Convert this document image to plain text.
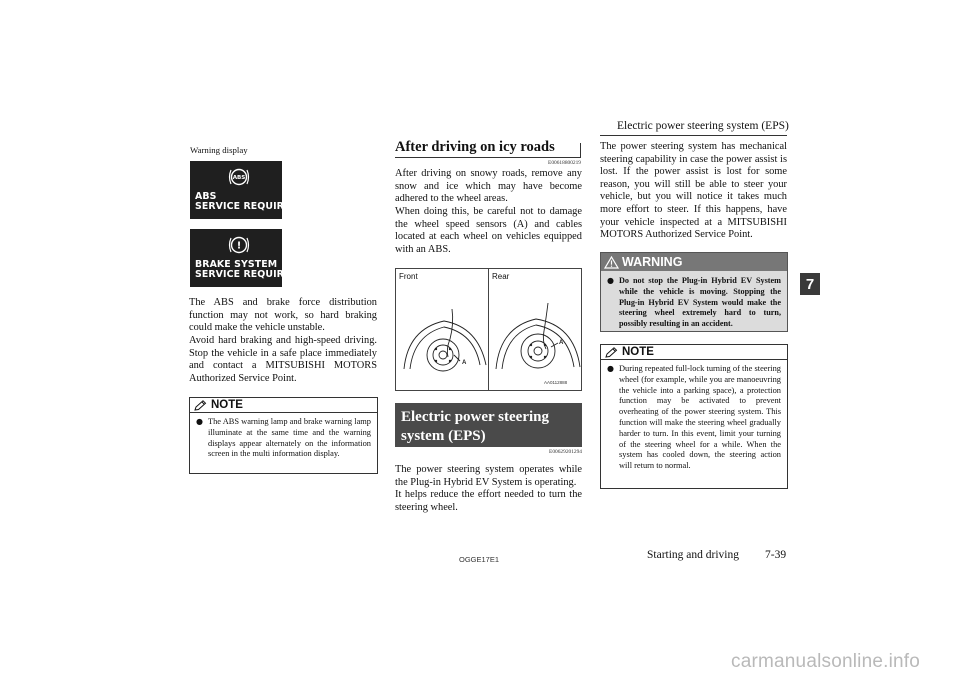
Electric power steering system (EPS)
7
Warning display
ABS
ABS
SERVICE REQUIRED
!
BRAKE SYSTEM
SERVICE REQUIRED
The ABS and brake force distribution function may not work, so hard braking could make the vehicle unstable.
Avoid hard braking and high-speed driving. Stop the vehicle in a safe place immediately and contact a MITSUBISHI MOTORS Authorized Service Point.
NOTE
● The ABS warning lamp and brake warning lamp illuminate at the same time and the warning displays appear alternately on the information screen in the multi information display.
After driving on icy roads
E00618800219
After driving on snowy roads, remove any snow and ice which may have become adhered to the wheel areas.
When doing this, be careful not to damage the wheel speed sensors (A) and cables located at each wheel on vehicles equipped with an ABS.
Front	Rear
A
A
AA0112888
Electric power steering system (EPS)
E00629201294
The power steering system operates while the Plug-in Hybrid EV System is operating.
It helps reduce the effort needed to turn the steering wheel.
The power steering system has mechanical steering capability in case the power assist is lost. If the power assist is lost for some reason, you will still be able to steer your vehicle, but you will notice it takes much more effort to steer. If this happens, have your vehicle inspected at a MITSUBISHI MOTORS Authorized Service Point.
WARNING
● Do not stop the Plug-in Hybrid EV System while the vehicle is moving. Stopping the Plug-in Hybrid EV System would make the steering wheel extremely hard to turn, possibly resulting in an accident.
NOTE
● During repeated full-lock turning of the steering wheel (for example, while you are manoeuvring the vehicle into a parking space), a protection function may be activated to prevent overheating of the power steering system. This function will make the steering wheel gradually harder to turn. In this event, limit your turning of the steering wheel for a while. When the system has cooled down, the steering action will return to normal.
OGGE17E1	Starting and driving 7-39
carmanualsonline.info
